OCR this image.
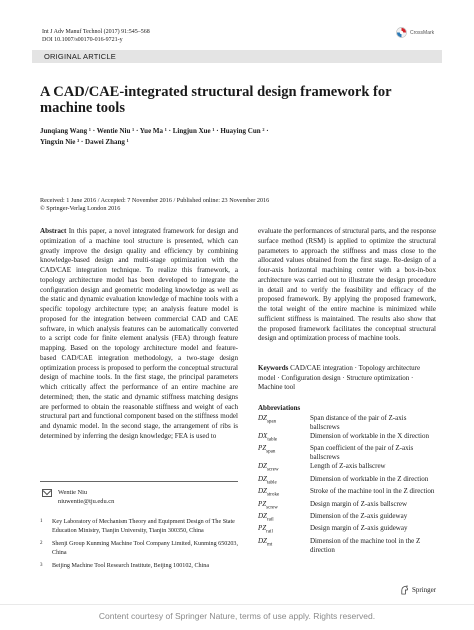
Int J Adv Manuf Technol (2017) 91:545–568
DOI 10.1007/s00170-016-9721-y
CrossMark
ORIGINAL ARTICLE
A CAD/CAE-integrated structural design framework for machine tools
Junqiang Wang ¹ · Wentie Niu ¹ · Yue Ma ¹ · Lingjun Xue ¹ · Huaying Cun ² ·
Yingxin Nie ³ · Dawei Zhang ¹
Received: 1 June 2016 / Accepted: 7 November 2016 / Published online: 23 November 2016
© Springer-Verlag London 2016
Abstract In this paper, a novel integrated framework for design and optimization of a machine tool structure is presented, which can greatly improve the design quality and efficiency by combining knowledge-based design and multi-stage optimization with the CAD/CAE integration technique. To realize this framework, a topology architecture model has been developed to integrate the configuration design and geometric modeling knowledge as well as the static and dynamic evaluation knowledge of machine tools with a specific topology architecture type; an analysis feature model is proposed for the integration between commercial CAD and CAE software, in which analysis features can be automatically converted to a script code for finite element analysis (FEA) through feature mapping. Based on the topology architecture model and feature-based CAD/CAE integration methodology, a two-stage design optimization process is proposed to perform the conceptual structural design of machine tools. In the first stage, the principal parameters which critically affect the performance of an entire machine are determined; then, the static and dynamic stiffness matching designs are performed to obtain the reasonable stiffness and weight of each structural part and functional component based on the stiffness model and dynamic model. In the second stage, the arrangement of ribs is determined by inferring the design knowledge; FEA is used to
evaluate the performances of structural parts, and the response surface method (RSM) is applied to optimize the structural parameters to approach the stiffness and mass close to the allocated values obtained from the first stage. Re-design of a four-axis horizontal machining center with a box-in-box architecture was carried out to illustrate the design procedure in detail and to verify the feasibility and efficacy of the proposed framework. By applying the proposed framework, the total weight of the entire machine is minimized while sufficient stiffness is maintained. The results also show that the proposed framework facilitates the conceptual structural design and optimization process of machine tools.
Keywords CAD/CAE integration · Topology architecture model · Configuration design · Structure optimization · Machine tool
Abbreviations
$DZ_{span}$	Span distance of the pair of Z-axis ballscrews
$DX_{table}$	Dimension of worktable in the X direction
$PZ_{span}$	Span coefficient of the pair of Z-axis ballscrews
$DZ_{screw}$	Length of Z-axis ballscrew
$DZ_{table}$	Dimension of worktable in the Z direction
$DZ_{stroke}$	Stroke of the machine tool in the Z direction
$PZ_{screw}$	Design margin of Z-axis ballscrew
$DZ_{rail}$	Dimension of the Z-axis guideway
$PZ_{rail}$	Design margin of Z-axis guideway
$DZ_{mt}$	Dimension of the machine tool in the Z direction
Wentie Niu
niuwentie@tju.edu.cn
1	Key Laboratory of Mechanism Theory and Equipment Design of The State Education Ministry, Tianjin University, Tianjin 300350, China
2	Shenji Group Kunming Machine Tool Company Limited, Kunming 650203, China
3	Beijing Machine Tool Research Institute, Beijing 100102, China
Springer
Content courtesy of Springer Nature, terms of use apply. Rights reserved.
